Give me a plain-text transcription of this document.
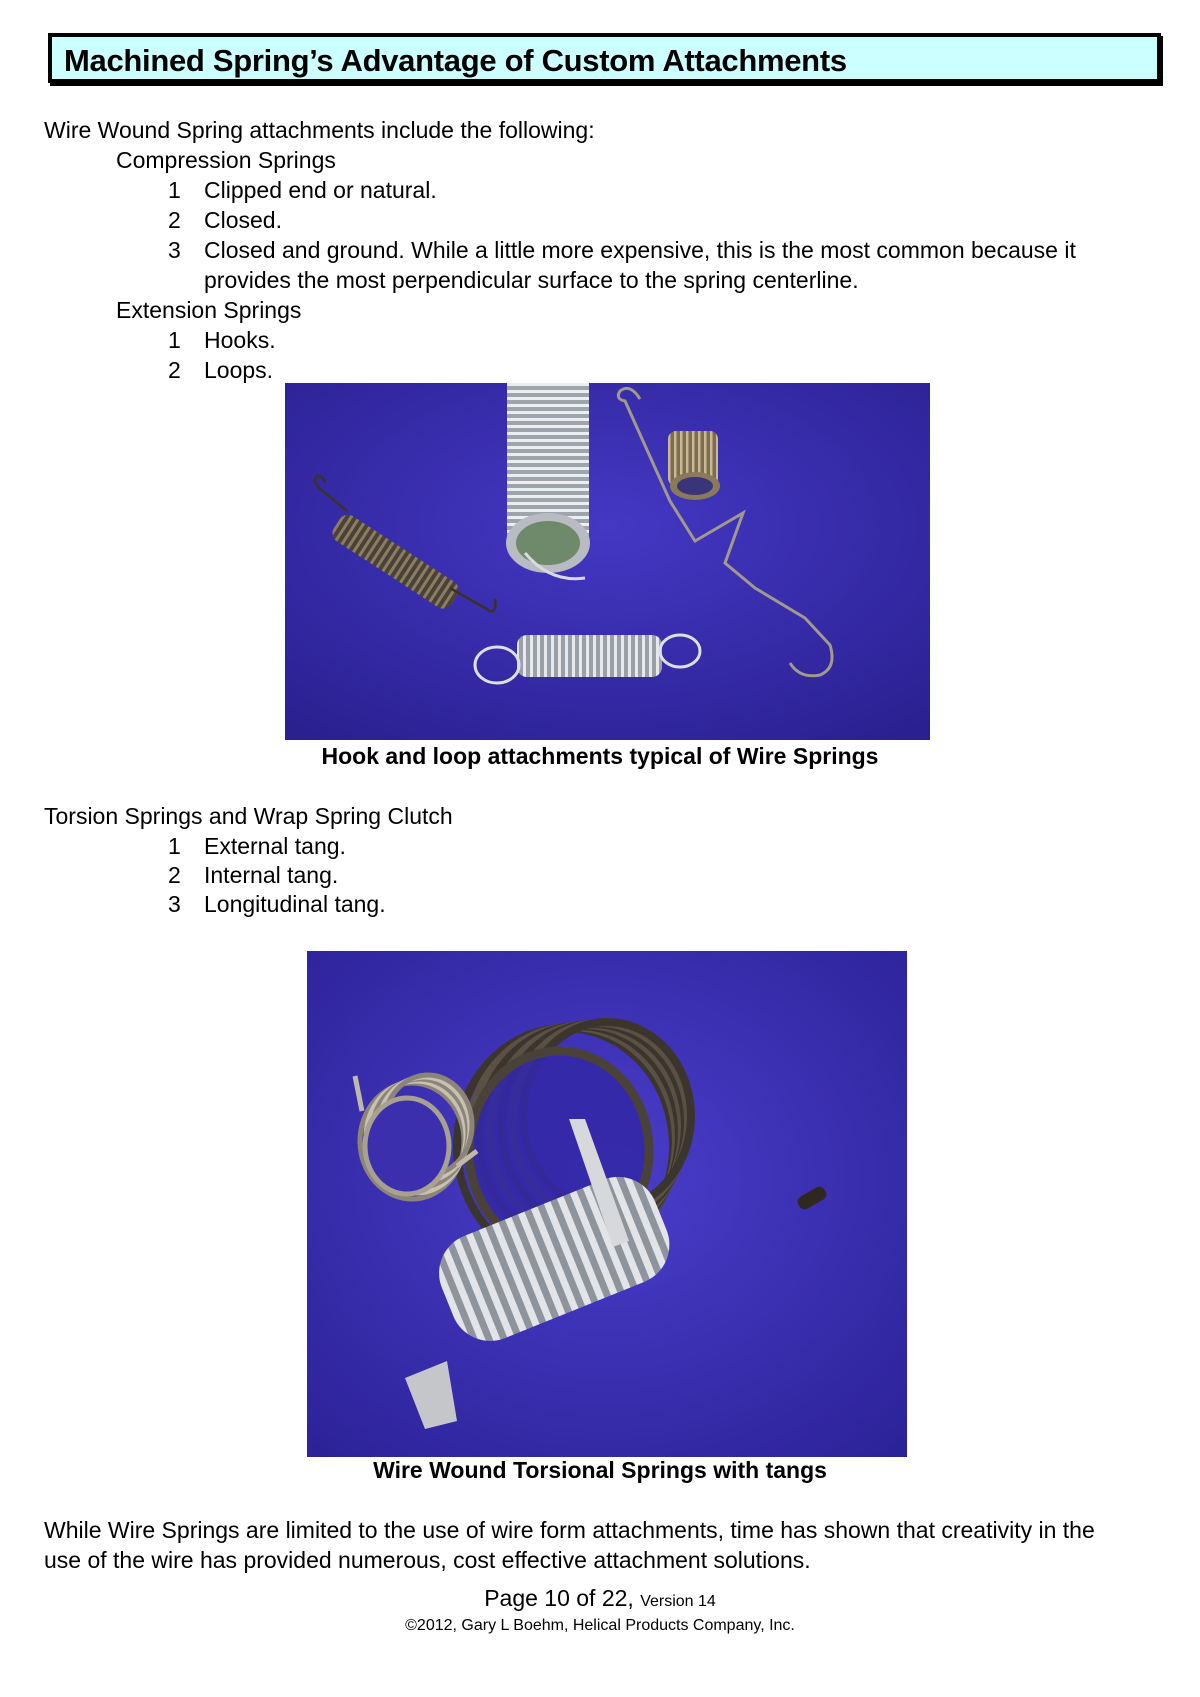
Machined Spring’s Advantage of Custom Attachments
Wire Wound Spring attachments include the following:
Compression Springs
1 Clipped end or natural.
2 Closed.
3 Closed and ground. While a little more expensive, this is the most common because it
provides the most perpendicular surface to the spring centerline.
Extension Springs
1 Hooks.
2 Loops.
Hook and loop attachments typical of Wire Springs
Torsion Springs and Wrap Spring Clutch
1 External tang.
2 Internal tang.
3 Longitudinal tang.
Wire Wound Torsional Springs with tangs
While Wire Springs are limited to the use of wire form attachments, time has shown that creativity in the
use of the wire has provided numerous, cost effective attachment solutions.
Page 10 of 22, Version 14
©2012, Gary L Boehm, Helical Products Company, Inc.
